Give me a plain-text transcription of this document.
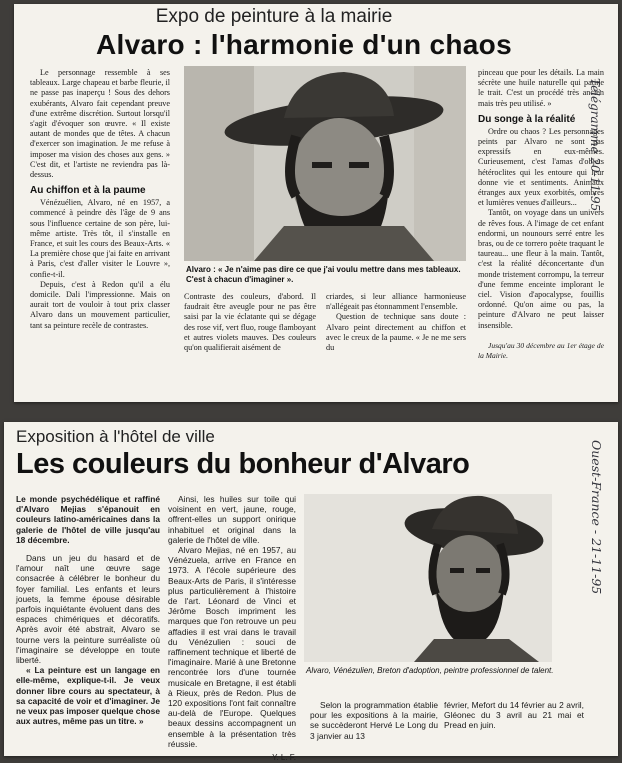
Expo de peinture à la mairie
Alvaro : l'harmonie d'un chaos

Le personnage ressemble à ses tableaux. Large chapeau et barbe fleurie, il ne passe pas inaperçu ! Sous des dehors exubérants, Alvaro fait cependant preuve d'une extrême discrétion. Surtout lorsqu'il s'agit d'évoquer son œuvre. « Il existe autant de mondes que de têtes. A chacun d'exercer son imagination. Je me refuse à imposer ma vision des choses aux gens. » C'est dit, et l'artiste ne reviendra pas là-dessus.

Au chiffon et à la paume

Vénézuélien, Alvaro, né en 1957, a commencé à peindre dès l'âge de 9 ans sous l'influence certaine de son père, lui-même artiste. Très tôt, il s'installe en France, et suit les cours des Beaux-Arts. « La première chose que j'ai faite en arrivant à Paris, c'est d'aller visiter le Louvre », confie-t-il.

Depuis, c'est à Redon qu'il a élu domicile. Dali l'impressionne. Mais on aurait tort de vouloir à tout prix classer Alvaro dans un mouvement particulier, tant sa peinture recèle de contrastes.

Alvaro : « Je n'aime pas dire ce que j'ai voulu mettre dans mes tableaux. C'est à chacun d'imaginer ».

Contraste des couleurs, d'abord. Il faudrait être aveugle pour ne pas être saisi par la vie éclatante qui se dégage des rose vif, vert fluo, rouge flamboyant et autres violets mauves. Des couleurs qu'on qualifierait aisément de

criardes, si leur alliance harmonieuse n'allégeait pas étonnamment l'ensemble.

Question de technique sans doute : Alvaro peint directement au chiffon et avec le creux de la paume. « Je ne me sers du

pinceau que pour les détails. La main sécrète une huile naturelle qui patine le trait. C'est un procédé très ancien mais très peu utilisé. »

Du songe à la réalité

Ordre ou chaos ? Les personnages peints par Alvaro ne sont pas expressifs en eux-mêmes. Curieusement, c'est l'amas d'objets hétéroclites qui les entoure qui leur donne vie et sentiments. Animaux étranges aux yeux exorbités, ombres et lumières venues d'ailleurs...

Tantôt, on voyage dans un univers de rêves fous. A l'image de cet enfant endormi, un nounours serré entre les bras, ou de ce torrero poète traquant le taureau... une fleur à la main. Tantôt, c'est la réalité déconcertante d'un monde tristement corrompu, la terreur d'une femme enceinte implorant le ciel. Vision d'apocalypse, fouillis ordonné. Qu'on aime ou pas, la peinture d'Alvaro ne peut laisser insensible.

Jusqu'au 30 décembre au 1er étage de la Mairie.

Télégramme 20-11-95
Exposition à l'hôtel de ville
Les couleurs du bonheur d'Alvaro

Le monde psychédélique et raffiné d'Alvaro Mejias s'épanouit en couleurs latino-américaines dans la galerie de l'hôtel de ville jusqu'au 18 décembre.

Dans un jeu du hasard et de l'amour naît une œuvre sage consacrée à célébrer le bonheur du foyer familial. Les enfants et leurs jouets, la femme épouse désirable parfois inquiétante évoluent dans des espaces chimériques et décoratifs. Après avoir été abstrait, Alvaro se tourne vers la peinture surréaliste où l'imaginaire se développe en toute liberté.

« La peinture est un langage en elle-même, explique-t-il. Je veux donner libre cours au spectateur, à sa capacité de voir et d'imaginer. Je ne veux pas imposer quelque chose aux autres, même pas un titre. »

Ainsi, les huiles sur toile qui voisinent en vert, jaune, rouge, offrent-elles un support onirique inhabituel et original dans la galerie de l'hôtel de ville.

Alvaro Mejias, né en 1957, au Vénézuela, arrive en France en 1973. A l'école supérieure des Beaux-Arts de Paris, il s'intéresse plus particulièrement à l'histoire de l'art. Léonard de Vinci et Jérôme Bosch impriment les marques que l'on retrouve un peu affadies il est vrai dans le travail du Vénézulien : souci de raffinement technique et liberté de l'imaginaire. Marié à une Bretonne rencontrée lors d'une tournée musicale en Bretagne, il est établi à Rieux, près de Redon. Plus de 120 expositions l'ont fait connaître au-delà de l'Europe. Quelques beaux dessins accompagnent un ensemble à la présentation très réussie.

Y. L. F.
Alvaro, Vénézulien, Breton d'adoption, peintre professionnel de talent.

Selon la programmation établie pour les expositions à la mairie, se succèderont Hervé Le Long du 3 janvier au 13

février, Mefort du 14 février au 2 avril, Gléonec du 3 avril au 21 mai et Pread en juin.

Ouest-France - 21-11-95
